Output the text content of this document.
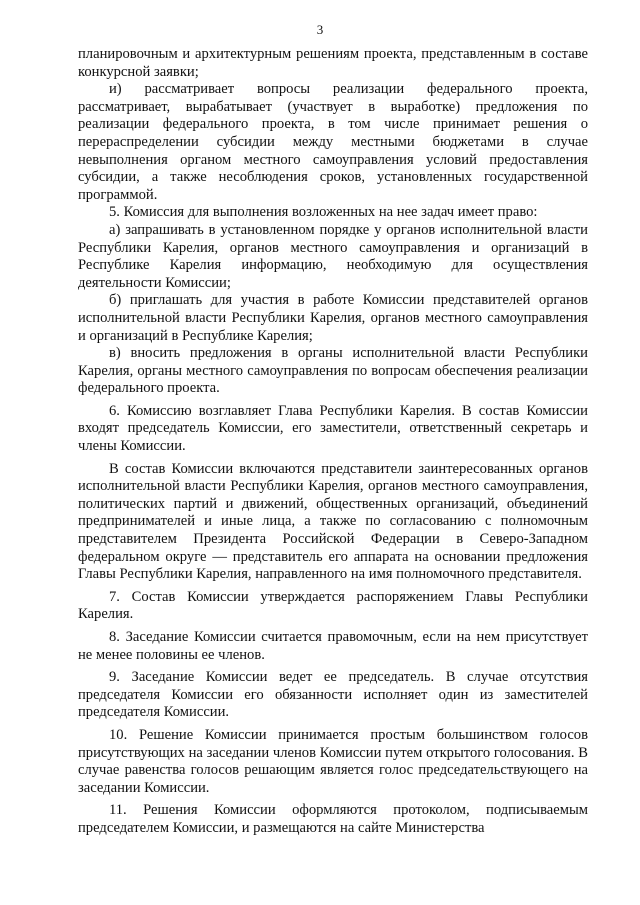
3

планировочным и архитектурным решениям проекта, представленным в составе конкурсной заявки;

и) рассматривает вопросы реализации федерального проекта, рассматривает, вырабатывает (участвует в выработке) предложения по реализации федерального проекта, в том числе принимает решения о перераспределении субсидии между местными бюджетами в случае невыполнения органом местного самоуправления условий предоставления субсидии, а также несоблюдения сроков, установленных государственной программой.

5. Комиссия для выполнения возложенных на нее задач имеет право:

а) запрашивать в установленном порядке у органов исполнительной власти Республики Карелия, органов местного самоуправления и организаций в Республике Карелия информацию, необходимую для осуществления деятельности Комиссии;

б) приглашать для участия в работе Комиссии представителей органов исполнительной власти Республики Карелия, органов местного самоуправления и организаций в Республике Карелия;

в) вносить предложения в органы исполнительной власти Республики Карелия, органы местного самоуправления по вопросам обеспечения реализации федерального проекта.

6. Комиссию возглавляет Глава Республики Карелия. В состав Комиссии входят председатель Комиссии, его заместители, ответственный секретарь и члены Комиссии.

В состав Комиссии включаются представители заинтересованных органов исполнительной власти Республики Карелия, органов местного самоуправления, политических партий и движений, общественных организаций, объединений предпринимателей и иные лица, а также по согласованию с полномочным представителем Президента Российской Федерации в Северо-Западном федеральном округе — представитель его аппарата на основании предложения Главы Республики Карелия, направленного на имя полномочного представителя.

7. Состав Комиссии утверждается распоряжением Главы Республики Карелия.

8. Заседание Комиссии считается правомочным, если на нем присутствует не менее половины ее членов.

9. Заседание Комиссии ведет ее председатель. В случае отсутствия председателя Комиссии его обязанности исполняет один из заместителей председателя Комиссии.

10. Решение Комиссии принимается простым большинством голосов присутствующих на заседании членов Комиссии путем открытого голосования. В случае равенства голосов решающим является голос председательствующего на заседании Комиссии.

11. Решения Комиссии оформляются протоколом, подписываемым председателем Комиссии, и размещаются на сайте Министерства
